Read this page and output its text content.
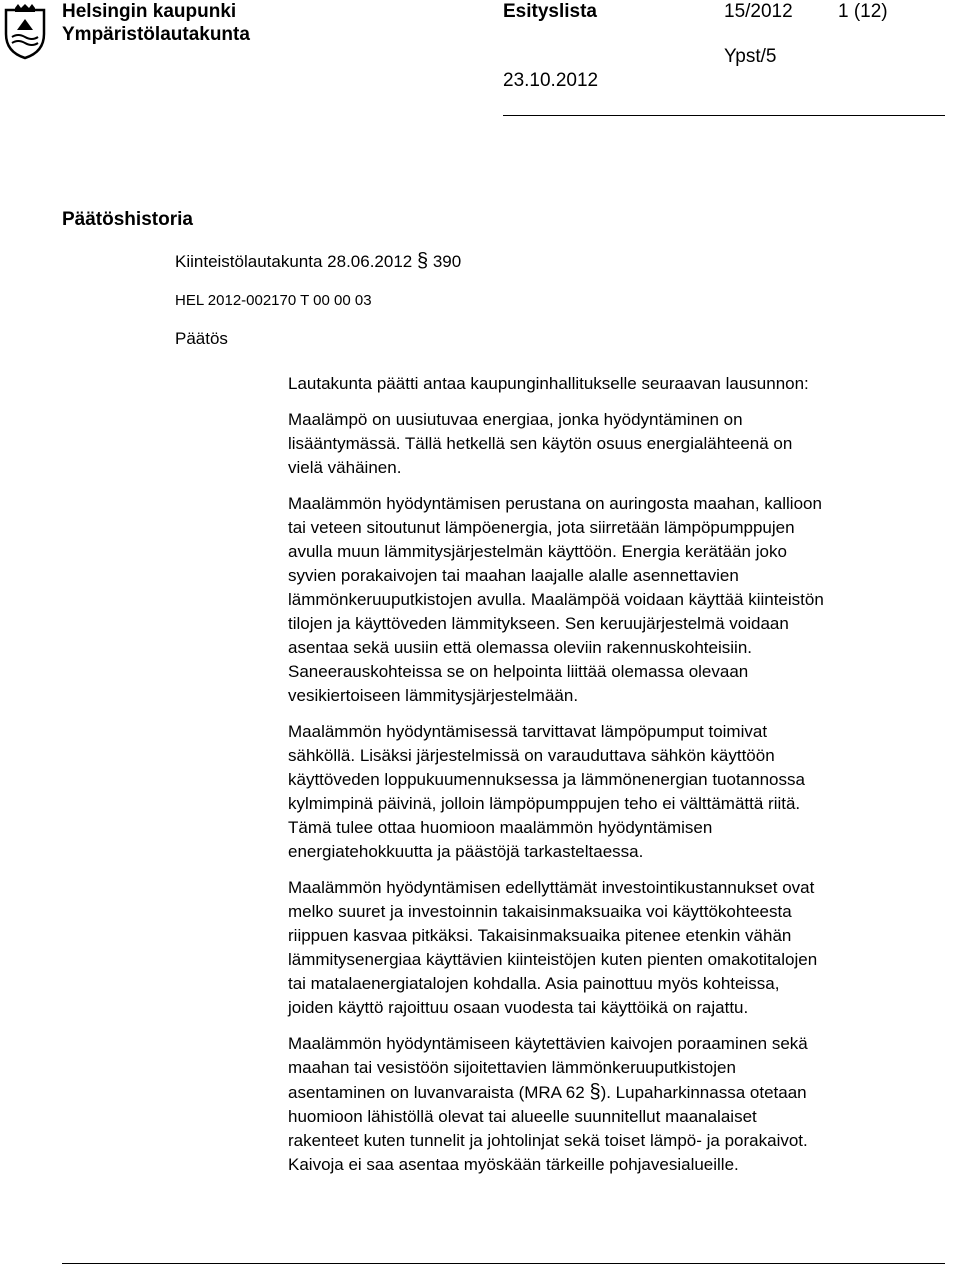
Helsingin kaupunki
Ympäristölautakunta
Esityslista	15/2012 1 (12)
Ypst/5
23.10.2012
Päätöshistoria
Kiinteistölautakunta 28.06.2012 § 390
HEL 2012-002170 T 00 00 03
Päätös

Lautakunta päätti antaa kaupunginhallitukselle seuraavan lausunnon:

Maalämpö on uusiutuvaa energiaa, jonka hyödyntäminen on
lisääntymässä. Tällä hetkellä sen käytön osuus energialähteenä on
vielä vähäinen.

Maalämmön hyödyntämisen perustana on auringosta maahan, kallioon
tai veteen sitoutunut lämpöenergia, jota siirretään lämpöpumppujen
avulla muun lämmitysjärjestelmän käyttöön. Energia kerätään joko
syvien porakaivojen tai maahan laajalle alalle asennettavien
lämmönkeruuputkistojen avulla. Maalämpöä voidaan käyttää kiinteistön
tilojen ja käyttöveden lämmitykseen. Sen keruujärjestelmä voidaan
asentaa sekä uusiin että olemassa oleviin rakennuskohteisiin.
Saneerauskohteissa se on helpointa liittää olemassa olevaan
vesikiertoiseen lämmitysjärjestelmään.

Maalämmön hyödyntämisessä tarvittavat lämpöpumput toimivat
sähköllä. Lisäksi järjestelmissä on varauduttava sähkön käyttöön
käyttöveden loppukuumennuksessa ja lämmönenergian tuotannossa
kylmimpinä päivinä, jolloin lämpöpumppujen teho ei välttämättä riitä.
Tämä tulee ottaa huomioon maalämmön hyödyntämisen
energiatehokkuutta ja päästöjä tarkasteltaessa.

Maalämmön hyödyntämisen edellyttämät investointikustannukset ovat
melko suuret ja investoinnin takaisinmaksuaika voi käyttökohteesta
riippuen kasvaa pitkäksi. Takaisinmaksuaika pitenee etenkin vähän
lämmitysenergiaa käyttävien kiinteistöjen kuten pienten omakotitalojen
tai matalaenergiatalojen kohdalla. Asia painottuu myös kohteissa,
joiden käyttö rajoittuu osaan vuodesta tai käyttöikä on rajattu.

Maalämmön hyödyntämiseen käytettävien kaivojen poraaminen sekä
maahan tai vesistöön sijoitettavien lämmönkeruuputkistojen
asentaminen on luvanvaraista (MRA 62 §). Lupaharkinnassa otetaan
huomioon lähistöllä olevat tai alueelle suunnitellut maanalaiset
rakenteet kuten tunnelit ja johtolinjat sekä toiset lämpö- ja porakaivot.
Kaivoja ei saa asentaa myöskään tärkeille pohjavesialueille.
